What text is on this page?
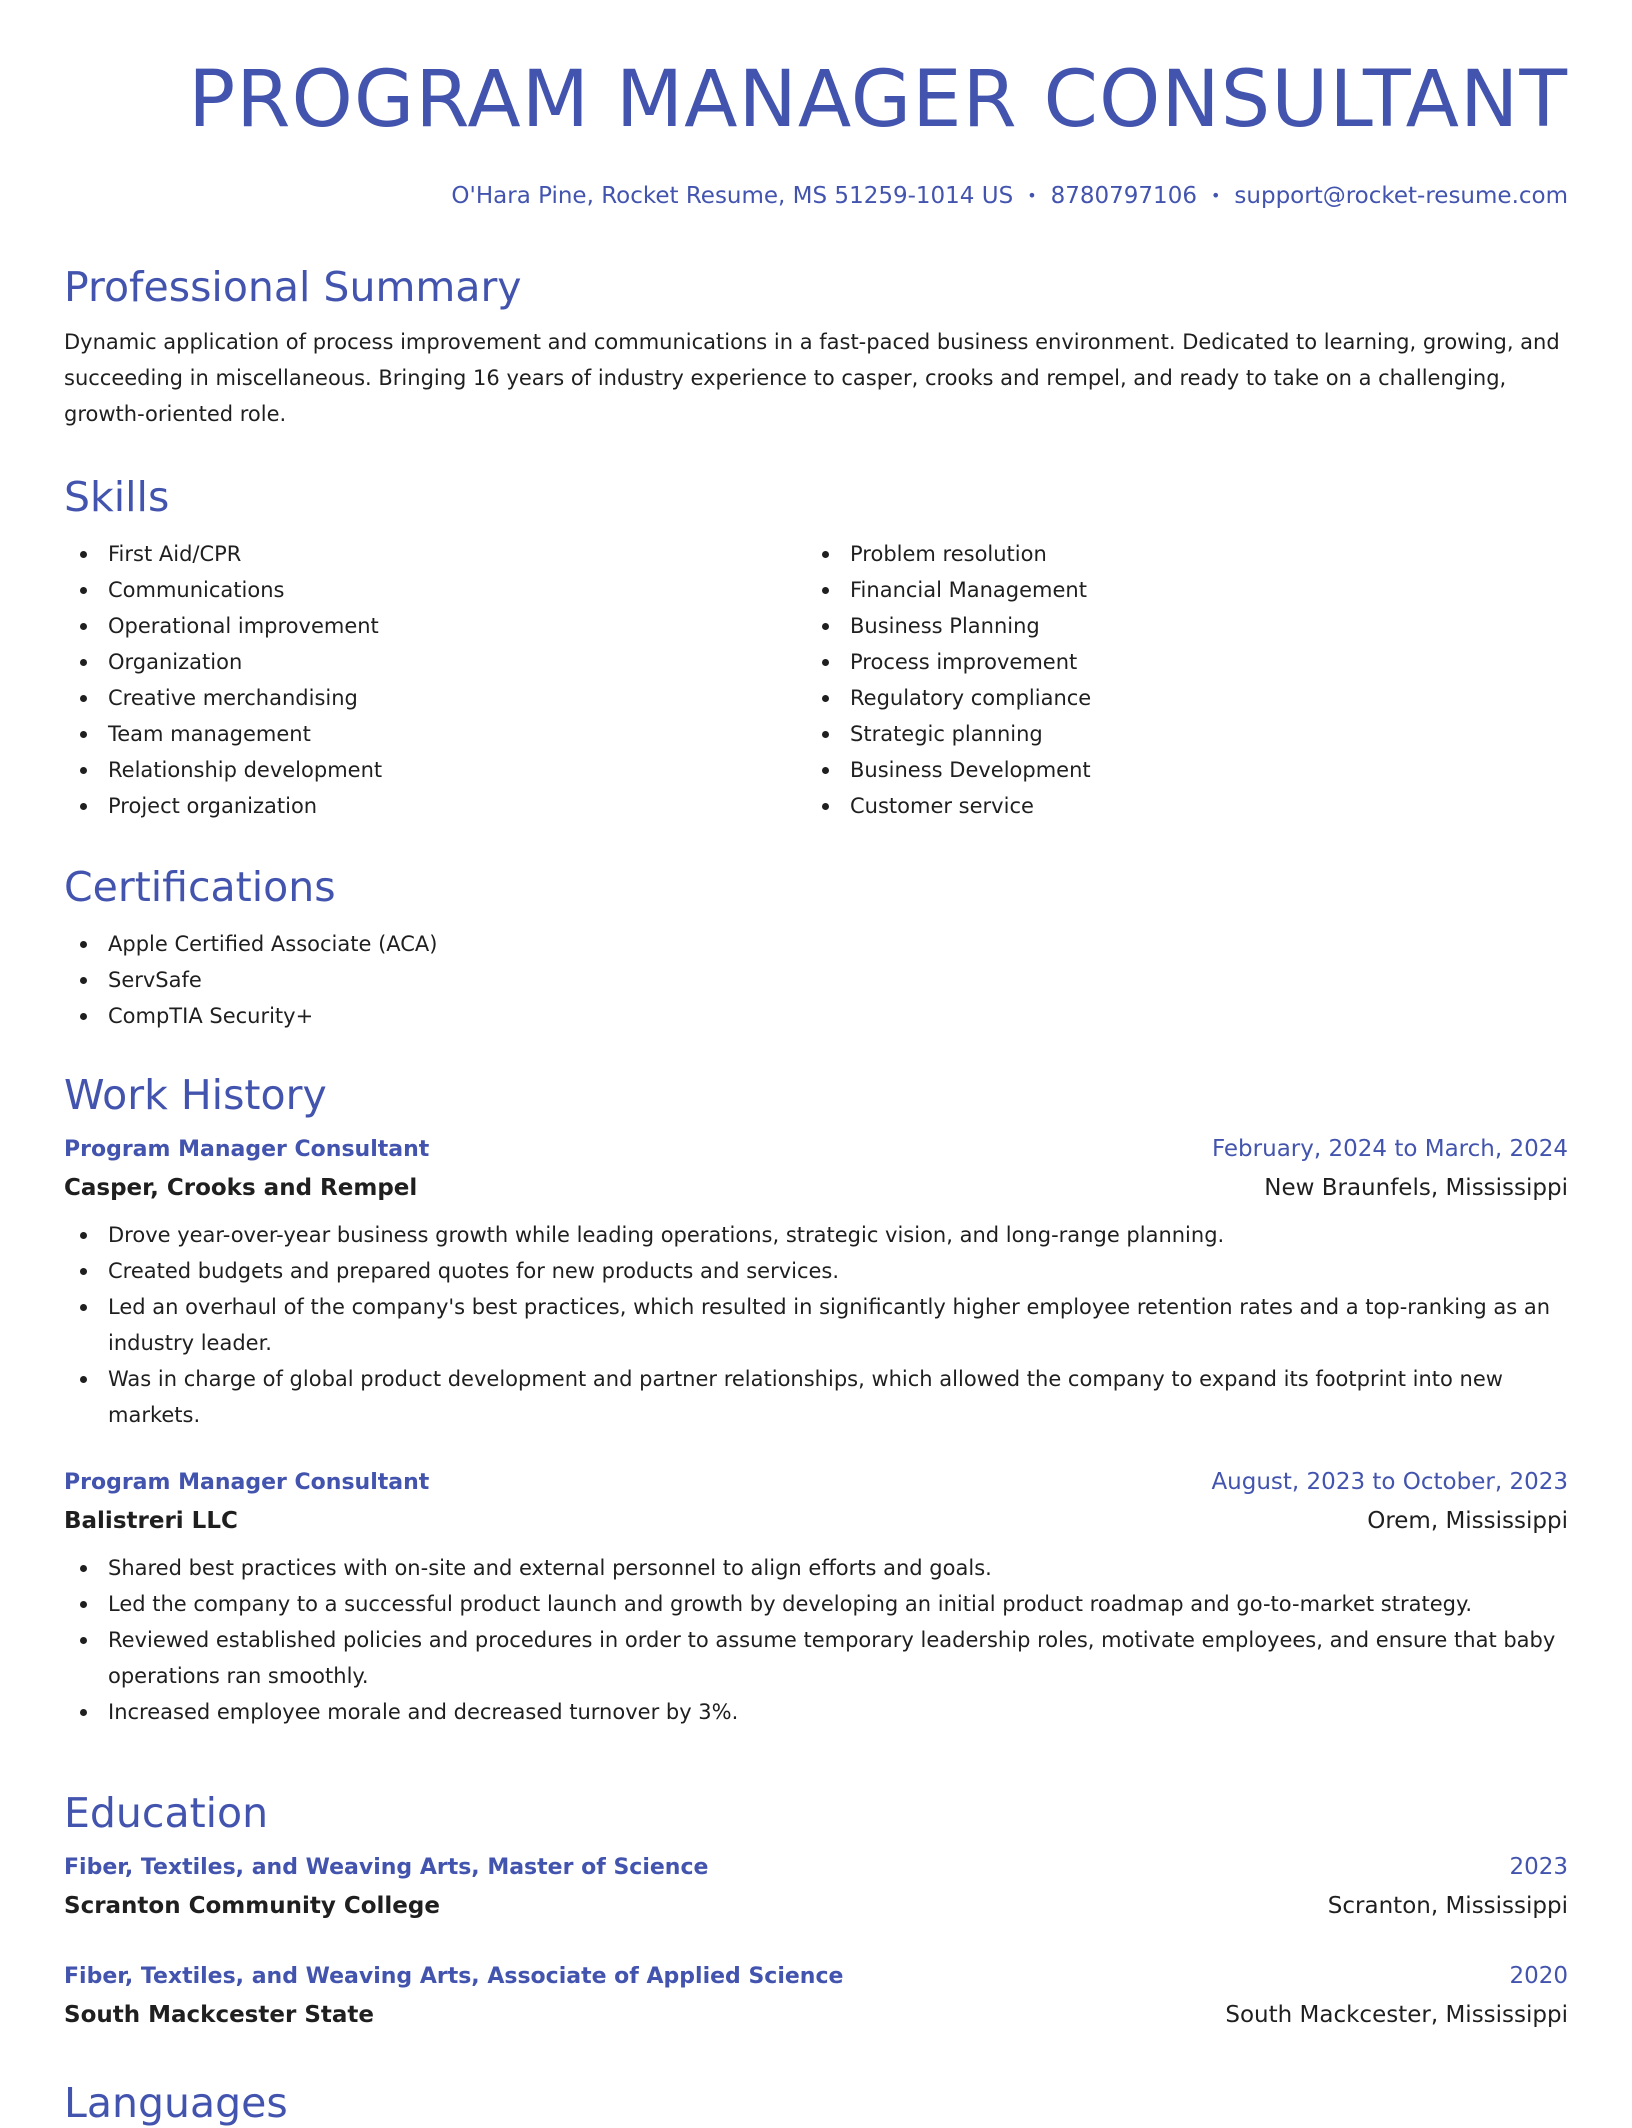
PROGRAM MANAGER CONSULTANT
O'Hara Pine, Rocket Resume, MS 51259-1014 US • 8780797106 • support@rocket-resume.com
Professional Summary

Dynamic application of process improvement and communications in a fast-paced business environment. Dedicated to learning, growing, and succeeding in miscellaneous. Bringing 16 years of industry experience to casper, crooks and rempel, and ready to take on a challenging, growth-oriented role.

Skills
First Aid/CPR
Communications
Operational improvement
Organization
Creative merchandising
Team management
Relationship development
Project organization
Problem resolution
Financial Management
Business Planning
Process improvement
Regulatory compliance
Strategic planning
Business Development
Customer service
Certifications
Apple Certified Associate (ACA)
ServSafe
CompTIA Security+
Work History
Program Manager Consultant	February, 2024 to March, 2024
Casper, Crooks and Rempel	New Braunfels, Mississippi
Drove year-over-year business growth while leading operations, strategic vision, and long-range planning.
Created budgets and prepared quotes for new products and services.
Led an overhaul of the company's best practices, which resulted in significantly higher employee retention rates and a top-ranking as an industry leader.
Was in charge of global product development and partner relationships, which allowed the company to expand its footprint into new markets.
Program Manager Consultant	August, 2023 to October, 2023
Balistreri LLC	Orem, Mississippi
Shared best practices with on-site and external personnel to align efforts and goals.
Led the company to a successful product launch and growth by developing an initial product roadmap and go-to-market strategy.
Reviewed established policies and procedures in order to assume temporary leadership roles, motivate employees, and ensure that baby operations ran smoothly.
Increased employee morale and decreased turnover by 3%.
Education
Fiber, Textiles, and Weaving Arts, Master of Science	2023
Scranton Community College	Scranton, Mississippi
Fiber, Textiles, and Weaving Arts, Associate of Applied Science	2020
South Mackcester State	South Mackcester, Mississippi
Languages
